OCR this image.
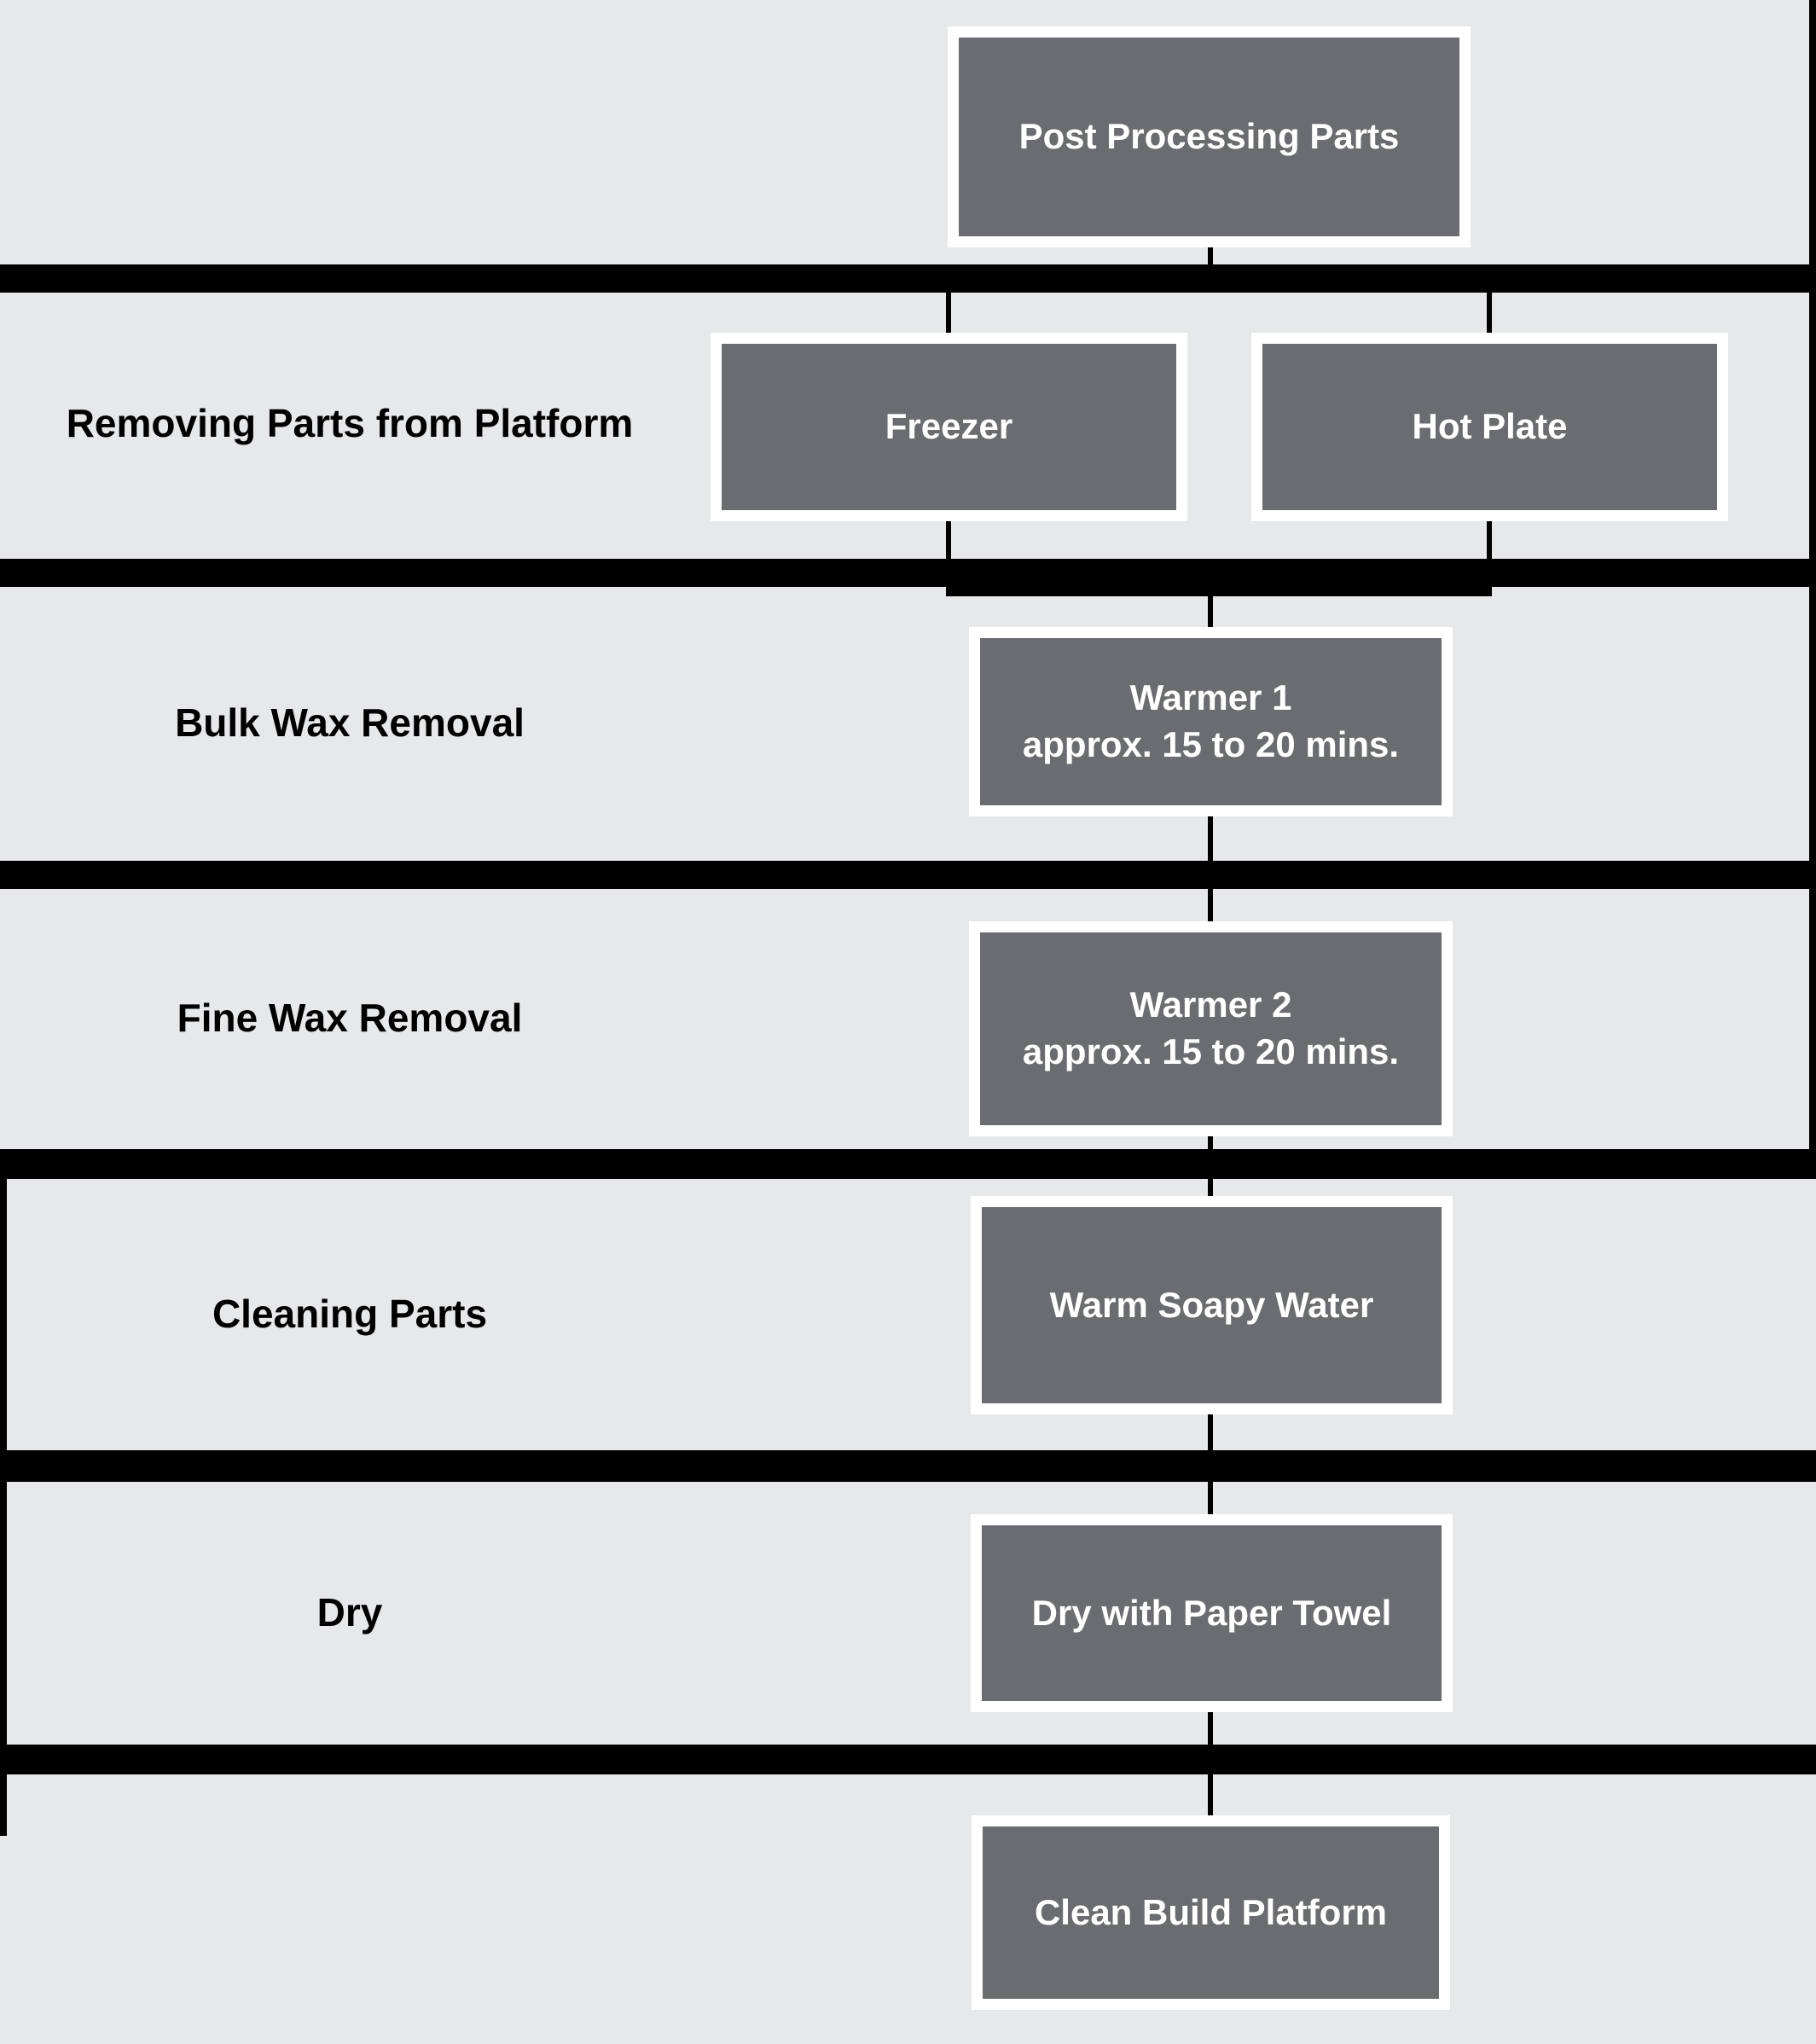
Removing Parts from Platform
Bulk Wax Removal
Fine Wax Removal
Cleaning Parts
Dry
Post Processing Parts
Freezer	Hot Plate
Warmer 1
approx. 15 to 20 mins.
Warmer 2
approx. 15 to 20 mins.
Warm Soapy Water
Dry with Paper Towel
Clean Build Platform
